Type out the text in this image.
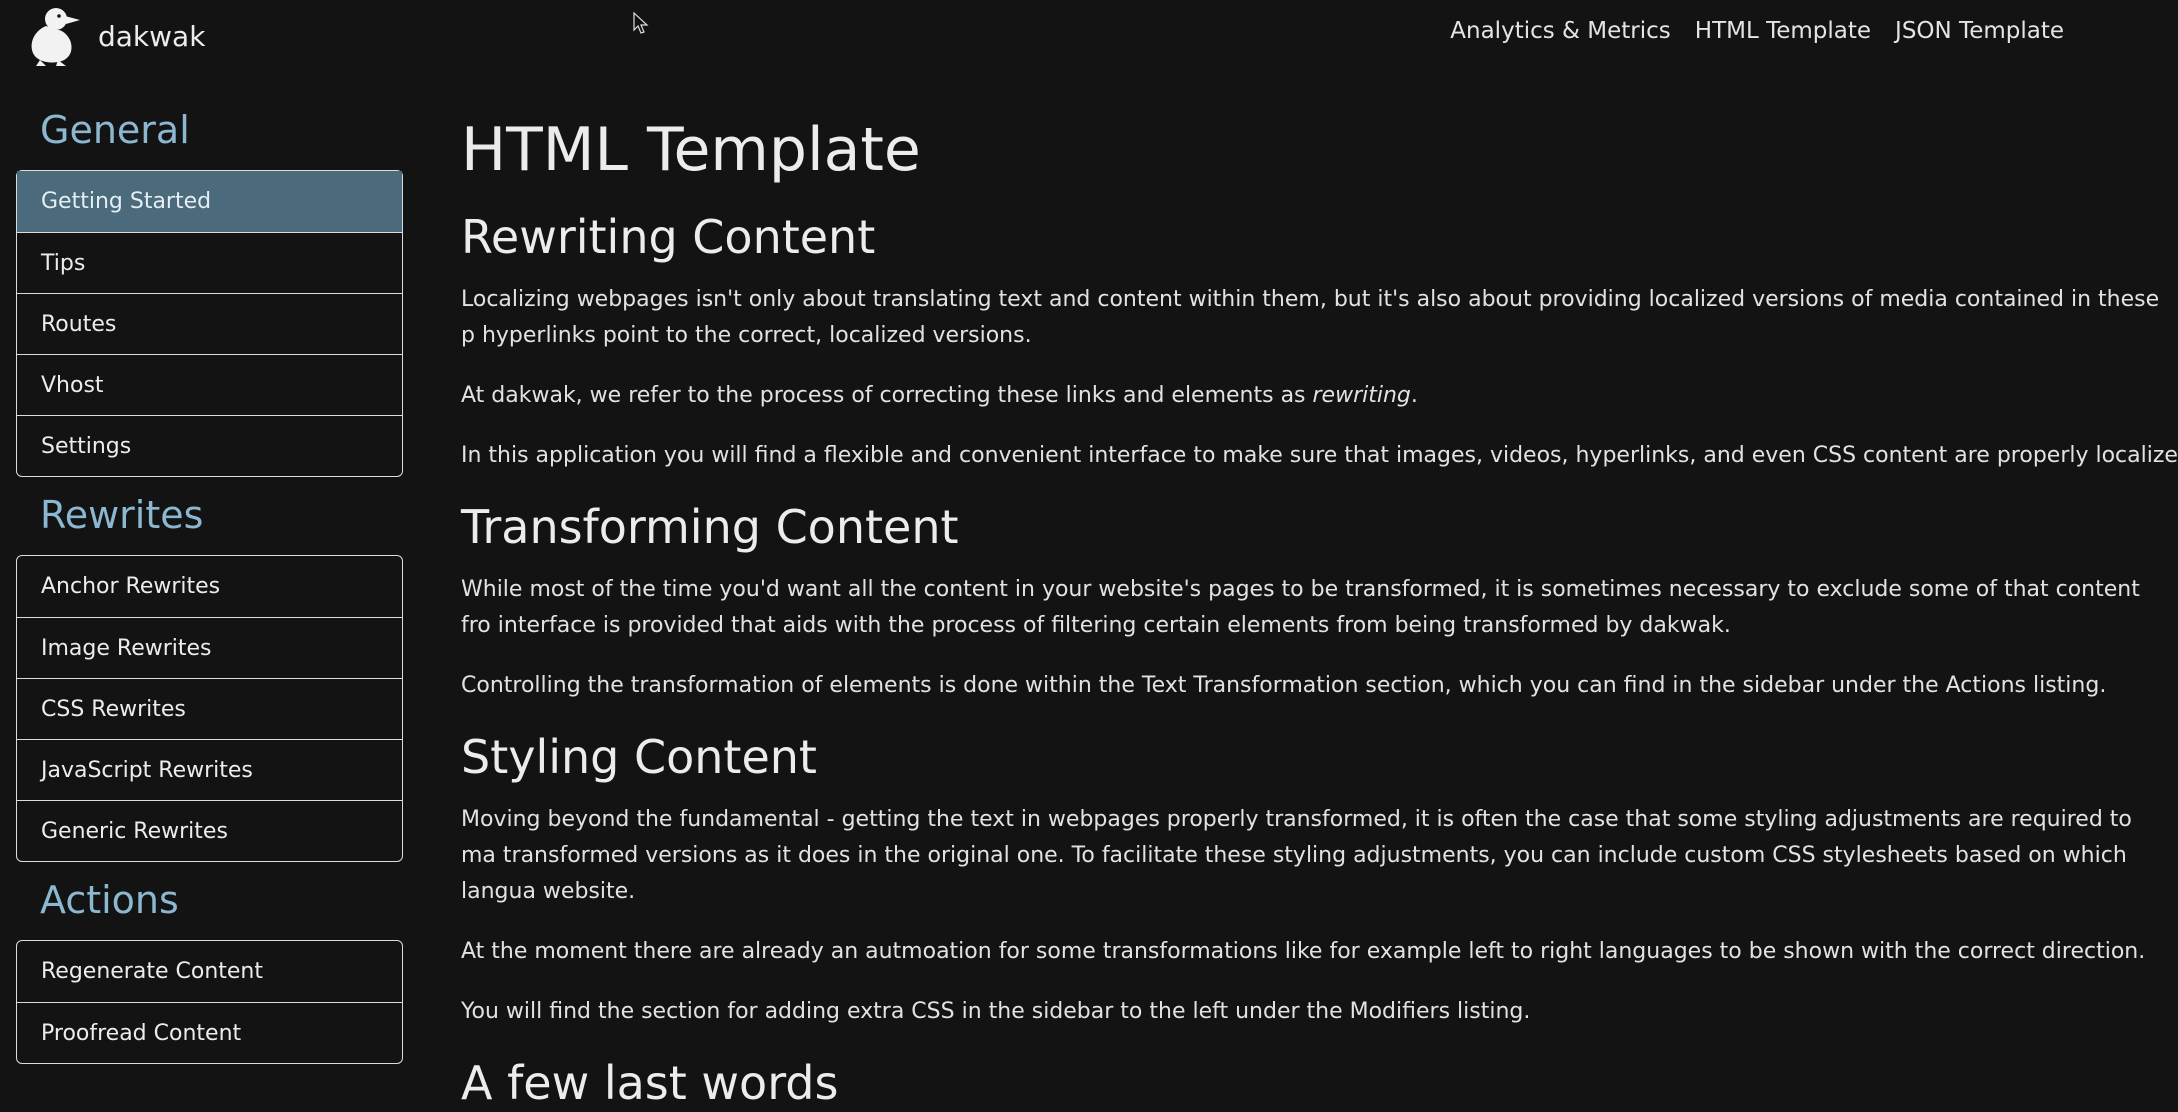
dakwak	Analytics & Metrics HTML Template JSON Template
General
Getting Started
Tips
Routes
Vhost
Settings
Rewrites
Anchor Rewrites
Image Rewrites
CSS Rewrites
JavaScript Rewrites
Generic Rewrites
Actions
Regenerate Content
Proofread Content
HTML Template
Rewriting Content

Localizing webpages isn't only about translating text and content within them, but it's also about providing localized versions of media contained in these p hyperlinks point to the correct, localized versions.

At dakwak, we refer to the process of correcting these links and elements as rewriting.

In this application you will find a flexible and convenient interface to make sure that images, videos, hyperlinks, and even CSS content are properly localize

Transforming Content

While most of the time you'd want all the content in your website's pages to be transformed, it is sometimes necessary to exclude some of that content fro interface is provided that aids with the process of filtering certain elements from being transformed by dakwak.

Controlling the transformation of elements is done within the Text Transformation section, which you can find in the sidebar under the Actions listing.

Styling Content

Moving beyond the fundamental - getting the text in webpages properly transformed, it is often the case that some styling adjustments are required to ma transformed versions as it does in the original one. To facilitate these styling adjustments, you can include custom CSS stylesheets based on which langua website.

At the moment there are already an autmoation for some transformations like for example left to right languages to be shown with the correct direction.

You will find the section for adding extra CSS in the sidebar to the left under the Modifiers listing.

A few last words
